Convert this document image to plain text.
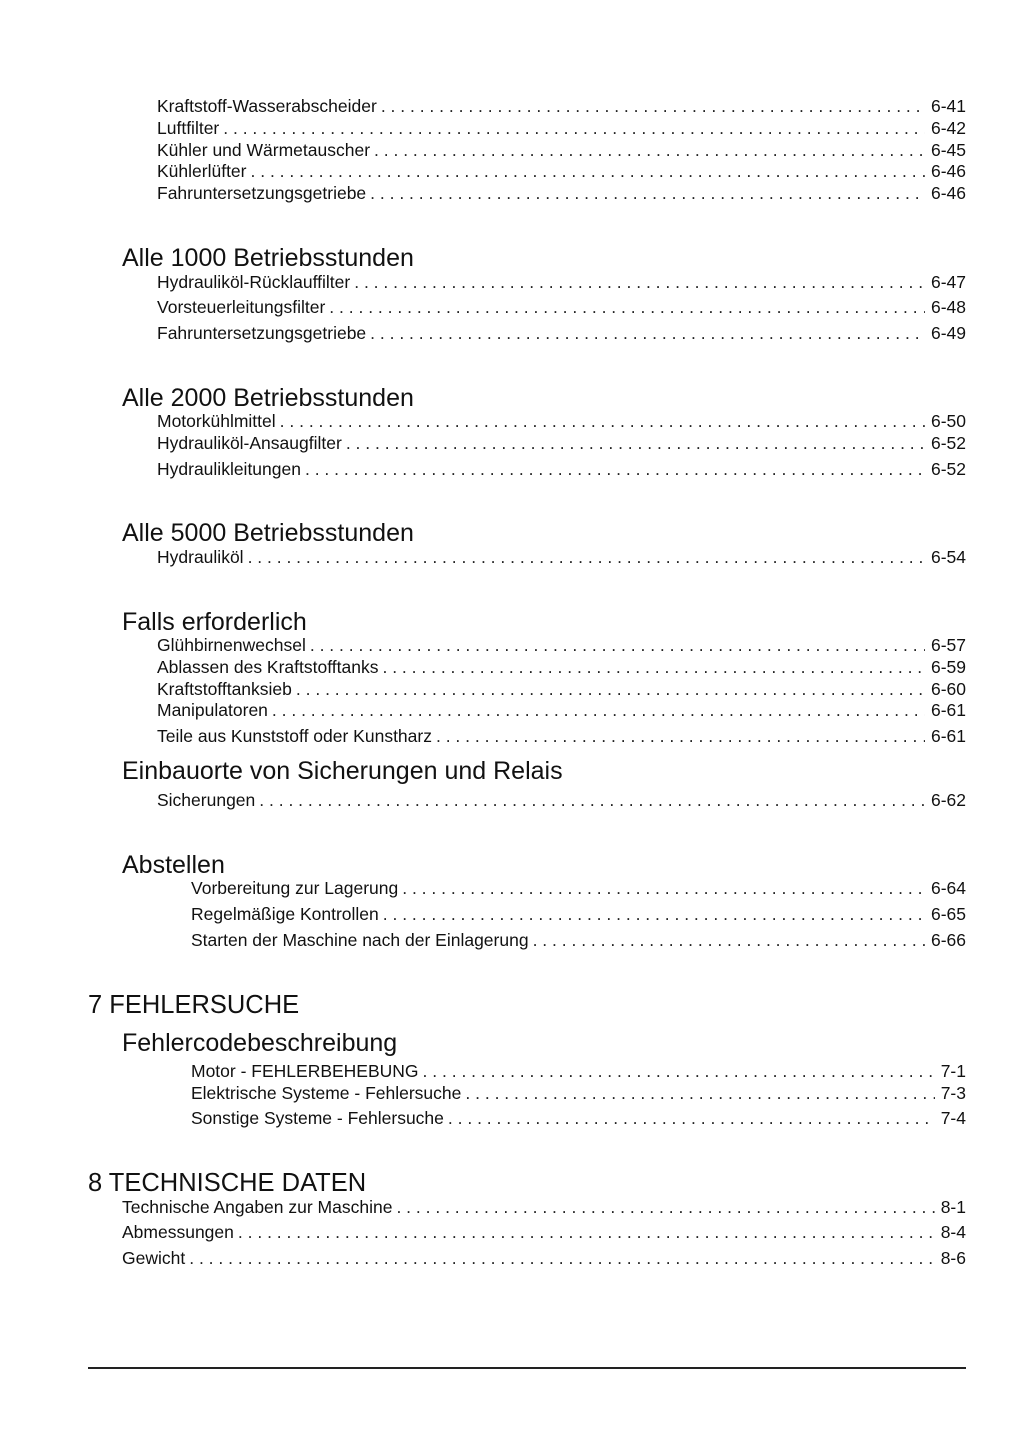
Kraftstoff-Wasserabscheider . . .	6-41
Luftfilter . . .	6-42
Kühler und Wärmetauscher . . .	6-45
Kühlerlüfter . . .	6-46
Fahruntersetzungsgetriebe . . .	6-46
Alle 1000 Betriebsstunden
Hydrauliköl-Rücklauffilter . . .	6-47
Vorsteuerleitungsfilter . . .	6-48
Fahruntersetzungsgetriebe . . .	6-49
Alle 2000 Betriebsstunden
Motorkühlmittel . . .	6-50
Hydrauliköl-Ansaugfilter . . .	6-52
Hydraulikleitungen . . .	6-52
Alle 5000 Betriebsstunden
Hydrauliköl . . .	6-54
Falls erforderlich
Glühbirnenwechsel . . .	6-57
Ablassen des Kraftstofftanks . . .	6-59
Kraftstofftanksieb . . .	6-60
Manipulatoren . . .	6-61
Teile aus Kunststoff oder Kunstharz . . .	6-61
Einbauorte von Sicherungen und Relais
Sicherungen . . .	6-62
Abstellen
Vorbereitung zur Lagerung . . .	6-64
Regelmäßige Kontrollen . . .	6-65
Starten der Maschine nach der Einlagerung . . .	6-66
7 FEHLERSUCHE
Fehlercodebeschreibung
Motor - FEHLERBEHEBUNG . . .	7-1
Elektrische Systeme - Fehlersuche . . .	7-3
Sonstige Systeme - Fehlersuche . . .	7-4
8 TECHNISCHE DATEN
Technische Angaben zur Maschine . . .	8-1
Abmessungen . . .	8-4
Gewicht . . .	8-6
